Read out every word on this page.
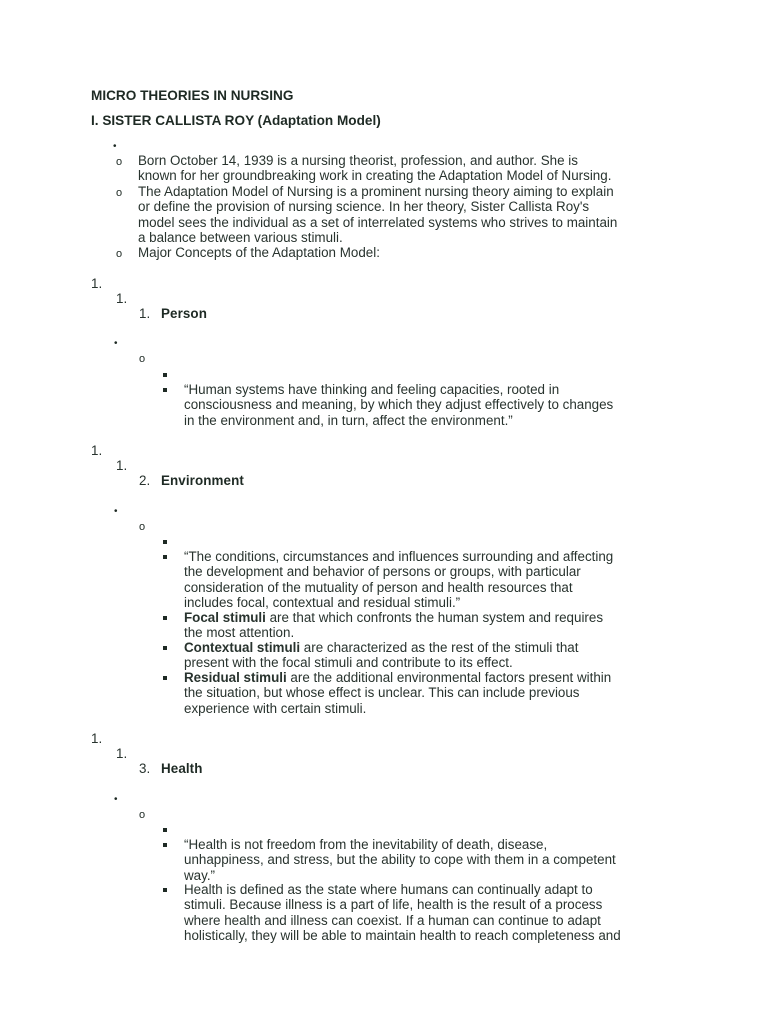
MICRO THEORIES IN NURSING
I. SISTER CALLISTA ROY (Adaptation Model)
•
o Born October 14, 1939 is a nursing theorist, profession, and author. She is
known for her groundbreaking work in creating the Adaptation Model of Nursing.
o The Adaptation Model of Nursing is a prominent nursing theory aiming to explain
or define the provision of nursing science. In her theory, Sister Callista Roy's
model sees the individual as a set of interrelated systems who strives to maintain
a balance between various stimuli.
o Major Concepts of the Adaptation Model:
1.
1.
1. Person
•
o
“Human systems have thinking and feeling capacities, rooted in
consciousness and meaning, by which they adjust effectively to changes
in the environment and, in turn, affect the environment.”
1.
1.
2. Environment
•
o
“The conditions, circumstances and influences surrounding and affecting
the development and behavior of persons or groups, with particular
consideration of the mutuality of person and health resources that
includes focal, contextual and residual stimuli.”
Focal stimuli are that which confronts the human system and requires
the most attention.
Contextual stimuli are characterized as the rest of the stimuli that
present with the focal stimuli and contribute to its effect.
Residual stimuli are the additional environmental factors present within
the situation, but whose effect is unclear. This can include previous
experience with certain stimuli.
1.
1.
3. Health
•
o
“Health is not freedom from the inevitability of death, disease,
unhappiness, and stress, but the ability to cope with them in a competent
way.”
Health is defined as the state where humans can continually adapt to
stimuli. Because illness is a part of life, health is the result of a process
where health and illness can coexist. If a human can continue to adapt
holistically, they will be able to maintain health to reach completeness and
